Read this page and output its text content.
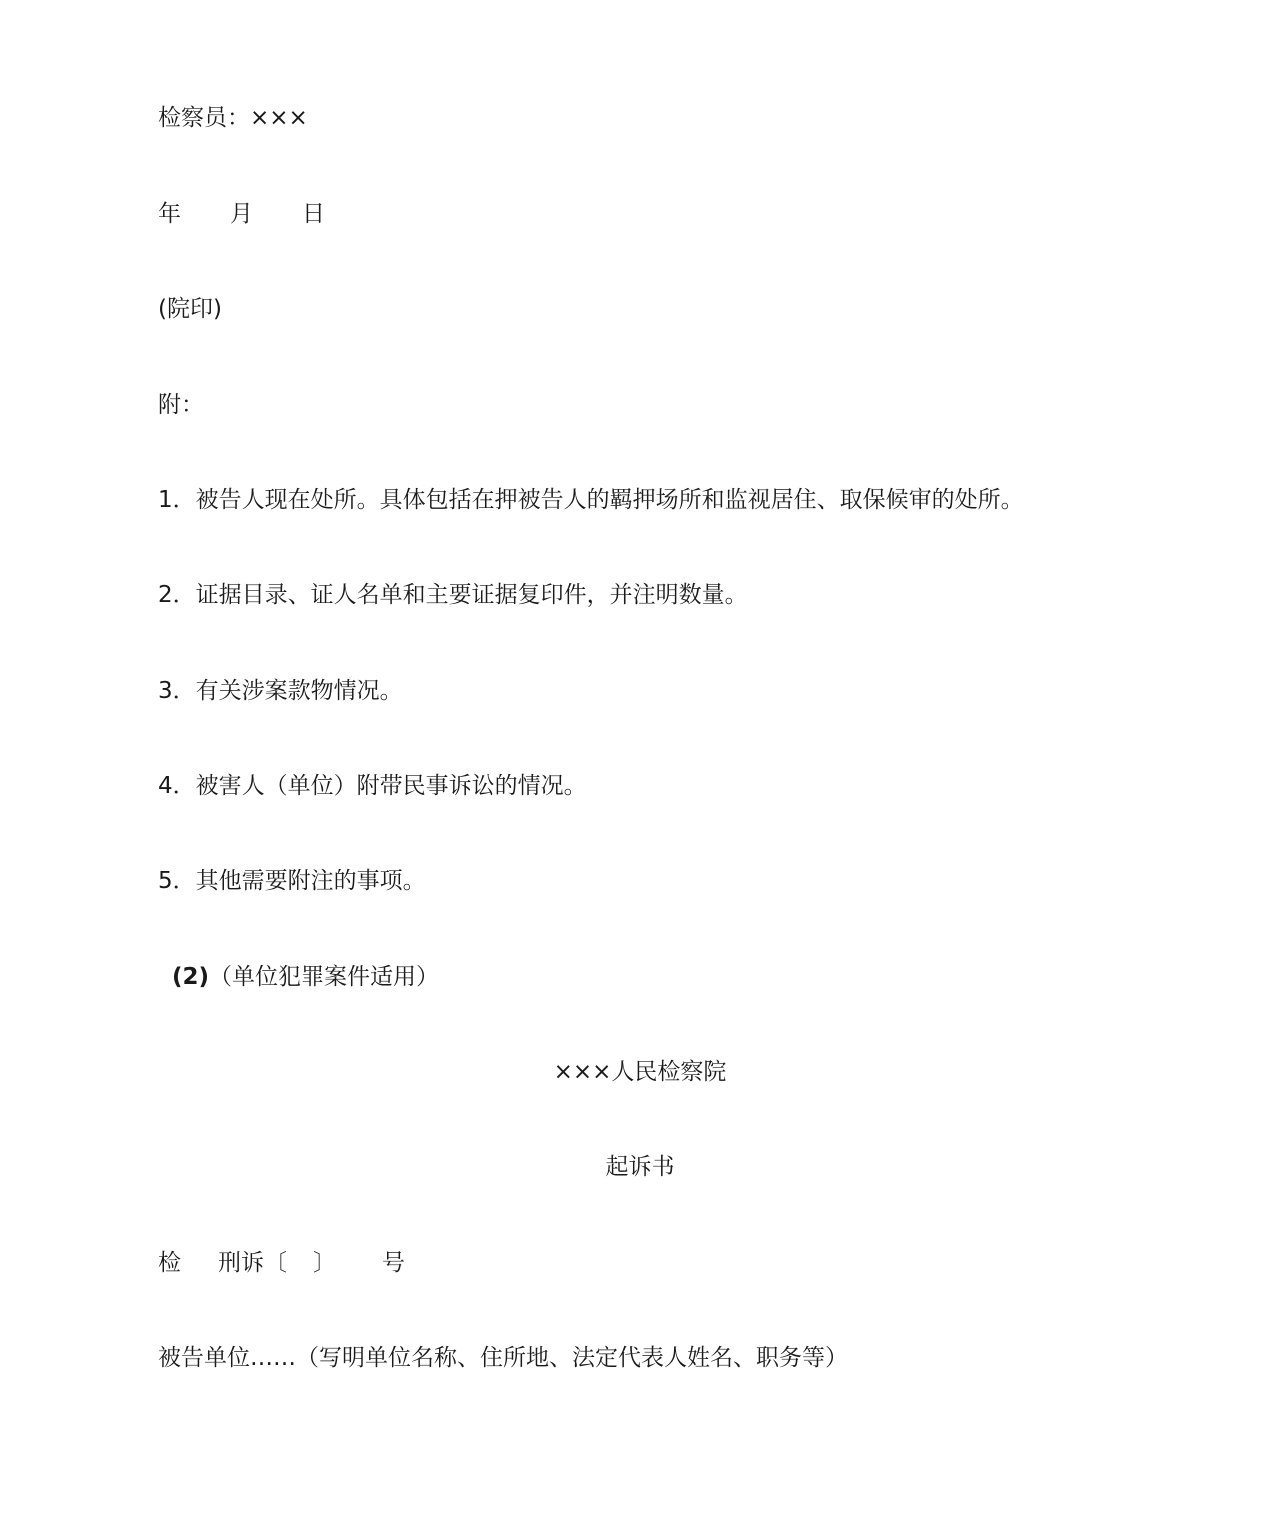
检察员：×××
年 月 日
(院印)
附：
1．被告人现在处所。具体包括在押被告人的羁押场所和监视居住、取保候审的处所。
2．证据目录、证人名单和主要证据复印件，并注明数量。
3．有关涉案款物情况。
4．被害人（单位）附带民事诉讼的情况。
5．其他需要附注的事项。
(2)（单位犯罪案件适用）
×××人民检察院
起诉书
检 刑诉〔 〕 号
被告单位……（写明单位名称、住所地、法定代表人姓名、职务等）
